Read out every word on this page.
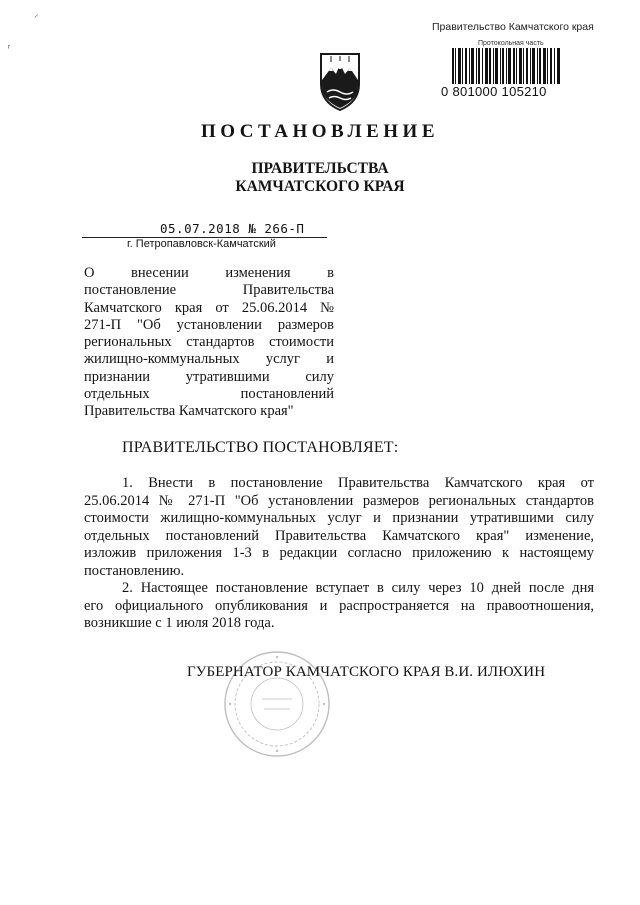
⸝
ᵣ
Правительство Камчатского края
Протокольная часть
0 801000 105210
ПОСТАНОВЛЕНИЕ
ПРАВИТЕЛЬСТВА
КАМЧАТСКОГО КРАЯ
05.07.2018 № 266-П
г. Петропавловск-Камчатский
О внесении изменения в
постановление Правительства
Камчатского края от 25.06.2014 №
271-П "Об установлении размеров
региональных стандартов стоимости
жилищно-коммунальных услуг и
признании утратившими силу
отдельных постановлений
Правительства Камчатского края"
ПРАВИТЕЛЬСТВО ПОСТАНОВЛЯЕТ:
1. Внести в постановление Правительства Камчатского края от
25.06.2014 № 271-П "Об установлении размеров региональных стандартов
стоимости жилищно-коммунальных услуг и признании утратившими силу
отдельных постановлений Правительства Камчатского края" изменение,
изложив приложения 1-3 в редакции согласно приложению к настоящему
постановлению.
2. Настоящее постановление вступает в силу через 10 дней после дня
его официального опубликования и распространяется на правоотношения,
возникшие с 1 июля 2018 года.
ГУБЕРНАТОР КАМЧАТСКОГО КРАЯ В.И. ИЛЮХИН
